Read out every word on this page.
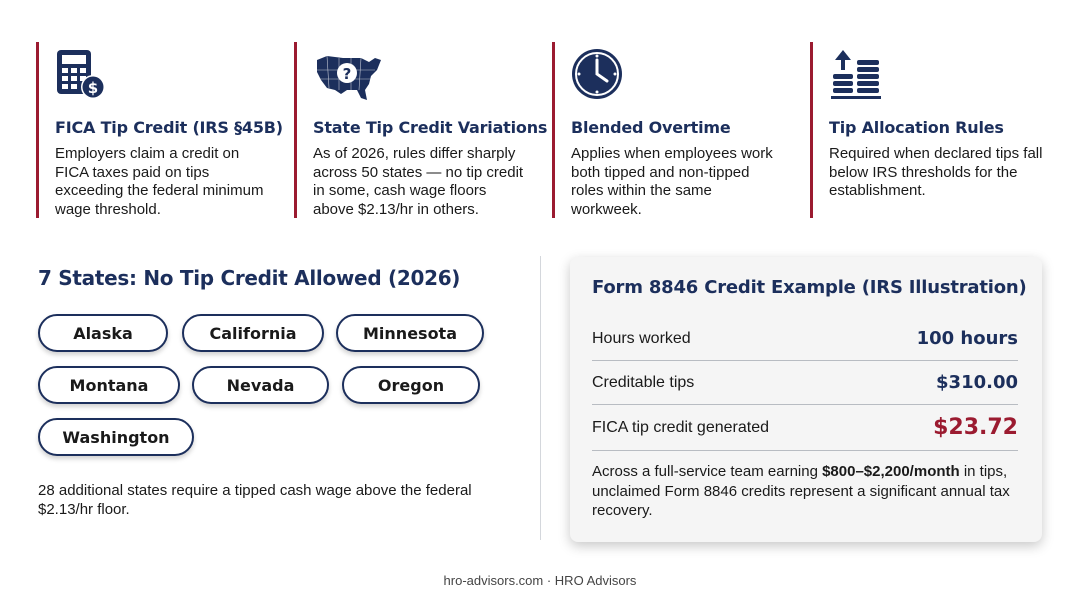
$
FICA Tip Credit (IRS §45B)

Employers claim a credit on FICA taxes paid on tips exceeding the federal minimum wage threshold.

?
State Tip Credit Variations

As of 2026, rules differ sharply across 50 states — no tip credit in some, cash wage floors above $2.13/hr in others.

Blended Overtime

Applies when employees work both tipped and non-tipped roles within the same workweek.

Tip Allocation Rules

Required when declared tips fall below IRS thresholds for the establishment.

7 States: No Tip Credit Allowed (2026)
Alaska	California	Minnesota
Montana	Nevada	Oregon
Washington

28 additional states require a tipped cash wage above the federal $2.13/hr floor.

Form 8846 Credit Example (IRS Illustration)
Hours worked	100 hours
Creditable tips	$310.00
FICA tip credit generated	$23.72

Across a full-service team earning $800–$2,200/month in tips, unclaimed Form 8846 credits represent a significant annual tax recovery.

hro-advisors.com · HRO Advisors
